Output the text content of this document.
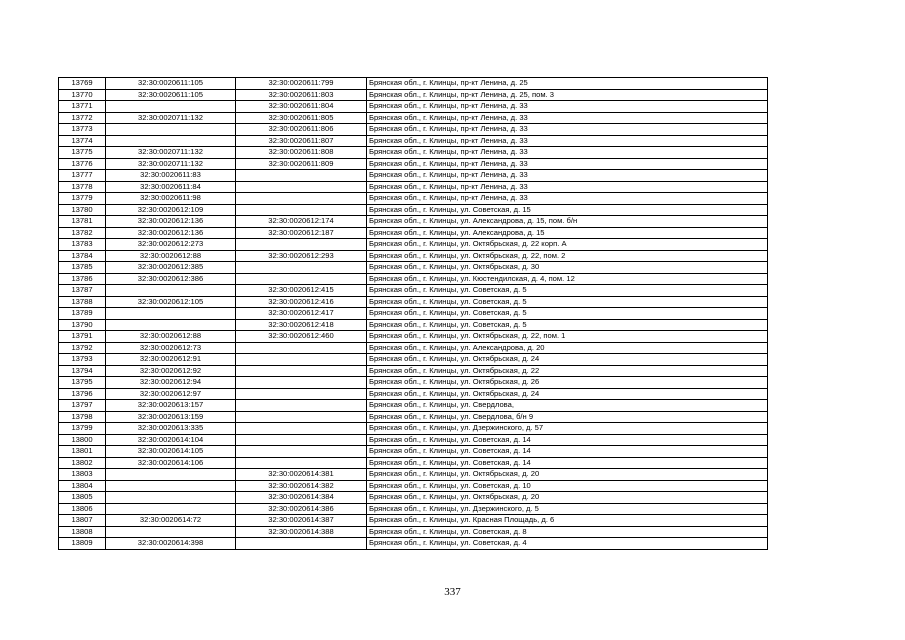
13769	32:30:0020611:105	32:30:0020611:799	Брянская обл., г. Клинцы, пр-кт Ленина, д. 25
13770	32:30:0020611:105	32:30:0020611:803	Брянская обл., г. Клинцы, пр-кт Ленина, д. 25, пом. 3
13771		32:30:0020611:804	Брянская обл., г. Клинцы, пр-кт Ленина, д. 33
13772	32:30:0020711:132	32:30:0020611:805	Брянская обл., г. Клинцы, пр-кт Ленина, д. 33
13773		32:30:0020611:806	Брянская обл., г. Клинцы, пр-кт Ленина, д. 33
13774		32:30:0020611:807	Брянская обл., г. Клинцы, пр-кт Ленина, д. 33
13775	32:30:0020711:132	32:30:0020611:808	Брянская обл., г. Клинцы, пр-кт Ленина, д. 33
13776	32:30:0020711:132	32:30:0020611:809	Брянская обл., г. Клинцы, пр-кт Ленина, д. 33
13777	32:30:0020611:83		Брянская обл., г. Клинцы, пр-кт Ленина, д. 33
13778	32:30:0020611:84		Брянская обл., г. Клинцы, пр-кт Ленина, д. 33
13779	32:30:0020611:98		Брянская обл., г. Клинцы, пр-кт Ленина, д. 33
13780	32:30:0020612:109		Брянская обл., г. Клинцы, ул. Советская, д. 15
13781	32:30:0020612:136	32:30:0020612:174	Брянская обл., г. Клинцы, ул. Александрова, д. 15, пом. б/н
13782	32:30:0020612:136	32:30:0020612:187	Брянская обл., г. Клинцы, ул. Александрова, д. 15
13783	32:30:0020612:273		Брянская обл., г. Клинцы, ул. Октябрьская, д. 22 корп. А
13784	32:30:0020612:88	32:30:0020612:293	Брянская обл., г. Клинцы, ул. Октябрьская, д. 22, пом. 2
13785	32:30:0020612:385		Брянская обл., г. Клинцы, ул. Октябрьская, д. 30
13786	32:30:0020612:386		Брянская обл., г. Клинцы, ул. Кюстендилская, д. 4, пом. 12
13787		32:30:0020612:415	Брянская обл., г. Клинцы, ул. Советская, д. 5
13788	32:30:0020612:105	32:30:0020612:416	Брянская обл., г. Клинцы, ул. Советская, д. 5
13789		32:30:0020612:417	Брянская обл., г. Клинцы, ул. Советская, д. 5
13790		32:30:0020612:418	Брянская обл., г. Клинцы, ул. Советская, д. 5
13791	32:30:0020612:88	32:30:0020612:460	Брянская обл., г. Клинцы, ул. Октябрьская, д. 22, пом. 1
13792	32:30:0020612:73		Брянская обл., г. Клинцы, ул. Александрова, д. 20
13793	32:30:0020612:91		Брянская обл., г. Клинцы, ул. Октябрьская, д. 24
13794	32:30:0020612:92		Брянская обл., г. Клинцы, ул. Октябрьская, д. 22
13795	32:30:0020612:94		Брянская обл., г. Клинцы, ул. Октябрьская, д. 26
13796	32:30:0020612:97		Брянская обл., г. Клинцы, ул. Октябрьская, д. 24
13797	32:30:0020613:157		Брянская обл., г. Клинцы, ул. Свердлова,
13798	32:30:0020613:159		Брянская обл., г. Клинцы, ул. Свердлова, б/н 9
13799	32:30:0020613:335		Брянская обл., г. Клинцы, ул. Дзержинского, д. 57
13800	32:30:0020614:104		Брянская обл., г. Клинцы, ул. Советская, д. 14
13801	32:30:0020614:105		Брянская обл., г. Клинцы, ул. Советская, д. 14
13802	32:30:0020614:106		Брянская обл., г. Клинцы, ул. Советская, д. 14
13803		32:30:0020614:381	Брянская обл., г. Клинцы, ул. Октябрьская, д. 20
13804		32:30:0020614:382	Брянская обл., г. Клинцы, ул. Советская, д. 10
13805		32:30:0020614:384	Брянская обл., г. Клинцы, ул. Октябрьская, д. 20
13806		32:30:0020614:386	Брянская обл., г. Клинцы, ул. Дзержинского, д. 5
13807	32:30:0020614:72	32:30:0020614:387	Брянская обл., г. Клинцы, ул. Красная Площадь, д. 6
13808		32:30:0020614:388	Брянская обл., г. Клинцы, ул. Советская, д. 8
13809	32:30:0020614:398		Брянская обл., г. Клинцы, ул. Советская, д. 4
337
